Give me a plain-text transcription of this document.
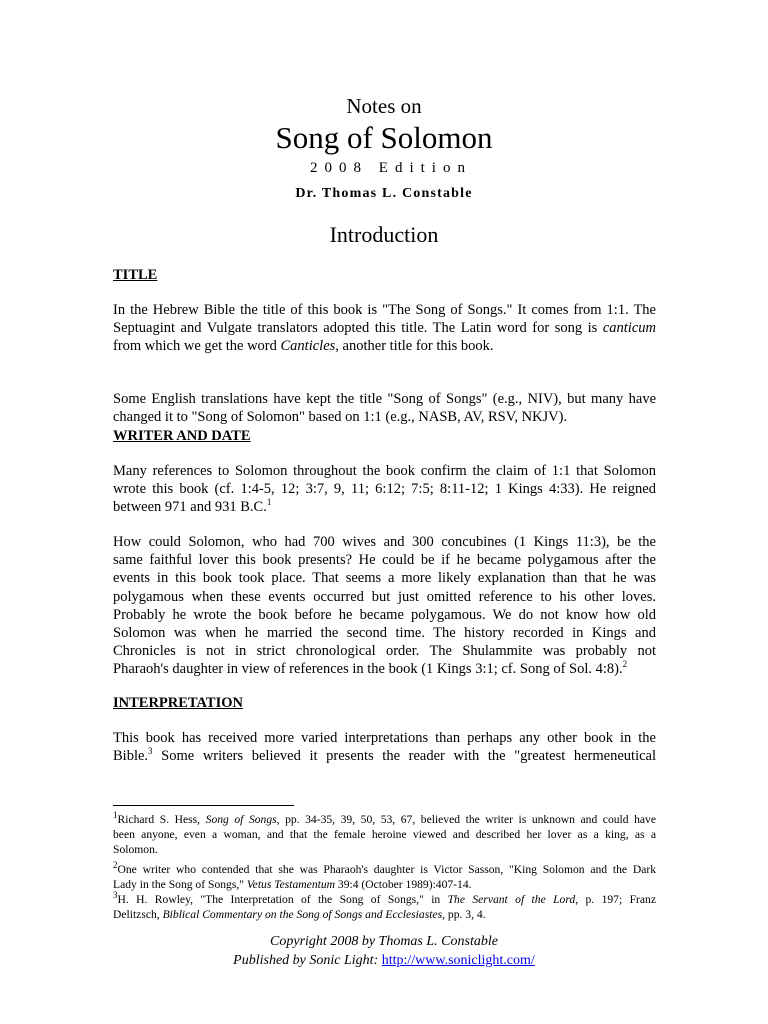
Notes on
Song of Solomon
2008 Edition
Dr. Thomas L. Constable
Introduction
TITLE
In the Hebrew Bible the title of this book is "The Song of Songs." It comes from 1:1. The
Septuagint and Vulgate translators adopted this title. The Latin word for song is canticum
from which we get the word Canticles, another title for this book.
Some English translations have kept the title "Song of Songs" (e.g., NIV), but many have
changed it to "Song of Solomon" based on 1:1 (e.g., NASB, AV, RSV, NKJV).
WRITER AND DATE
Many references to Solomon throughout the book confirm the claim of 1:1 that Solomon
wrote this book (cf. 1:4-5, 12; 3:7, 9, 11; 6:12; 7:5; 8:11-12; 1 Kings 4:33). He reigned
between 971 and 931 B.C.$^1$
How could Solomon, who had 700 wives and 300 concubines (1 Kings 11:3), be the
same faithful lover this book presents? He could be if he became polygamous after the
events in this book took place. That seems a more likely explanation than that he was
polygamous when these events occurred but just omitted reference to his other loves.
Probably he wrote the book before he became polygamous. We do not know how old
Solomon was when he married the second time. The history recorded in Kings and
Chronicles is not in strict chronological order. The Shulammite was probably not
Pharaoh's daughter in view of references in the book (1 Kings 3:1; cf. Song of Sol. 4:8).$^2$
INTERPRETATION
This book has received more varied interpretations than perhaps any other book in the
Bible.$^3$ Some writers believed it presents the reader with the "greatest hermeneutical
$^1$Richard S. Hess, Song of Songs, pp. 34-35, 39, 50, 53, 67, believed the writer is unknown and could have
been anyone, even a woman, and that the female heroine viewed and described her lover as a king, as a
Solomon.
$^2$One writer who contended that she was Pharaoh's daughter is Victor Sasson, "King Solomon and the Dark
Lady in the Song of Songs," Vetus Testamentum 39:4 (October 1989):407-14.
$^3$H. H. Rowley, "The Interpretation of the Song of Songs," in The Servant of the Lord, p. 197; Franz
Delitzsch, Biblical Commentary on the Song of Songs and Ecclesiastes, pp. 3, 4.
Copyright 2008 by Thomas L. Constable
Published by Sonic Light: http://www.soniclight.com/
